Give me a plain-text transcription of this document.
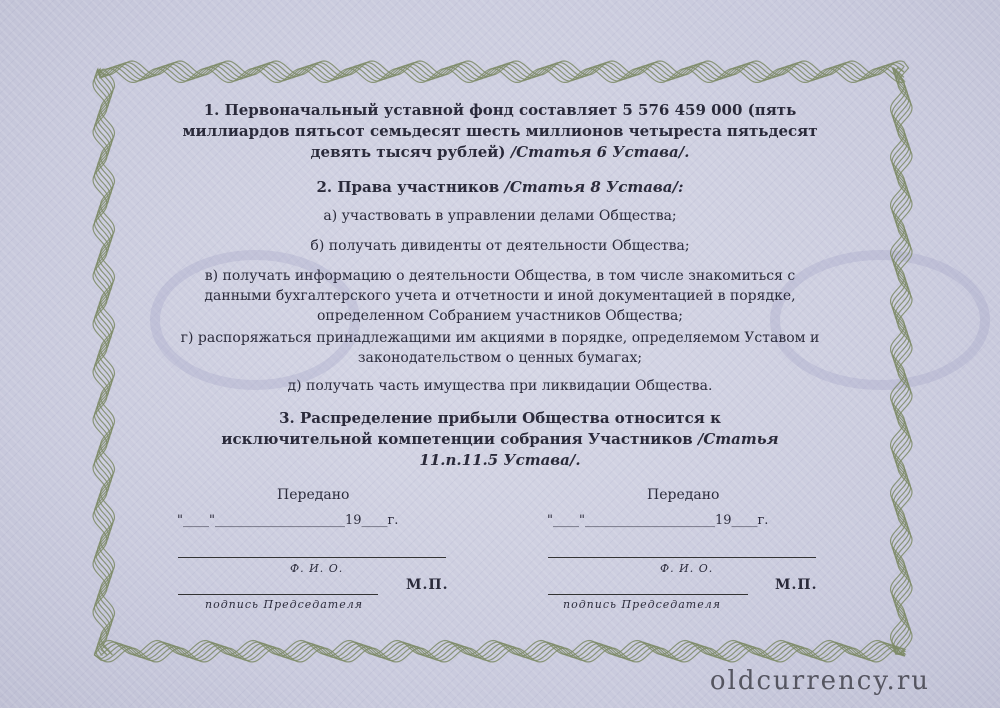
1. Первоначальный уставной фонд составляет 5 576 459 000 (пять миллиардов пятьсот семьдесят шесть миллионов четыреста пятьдесят девять тысяч рублей) /Статья 6 Устава/.

2. Права участников /Статья 8 Устава/:

а) участвовать в управлении делами Общества;

б) получать дивиденты от деятельности Общества;

в) получать информацию о деятельности Общества, в том числе знакомиться с данными бухгалтерского учета и отчетности и иной документацией в порядке, определенном Собранием участников Общества;

г) распоряжаться принадлежащими им акциями в порядке, определяемом Уставом и законодательством о ценных бумагах;

д) получать часть имущества при ликвидации Общества.

3. Распределение прибыли Общества относится к исключительной компетенции собрания Участников /Статья 11.п.11.5 Устава/.

Передано
"____"____________________19____г.
Ф. И. О.
подпись Председателя
М.П.
Передано
"____"____________________19____г.
Ф. И. О.
подпись Председателя
М.П.
oldcurrency.ru
